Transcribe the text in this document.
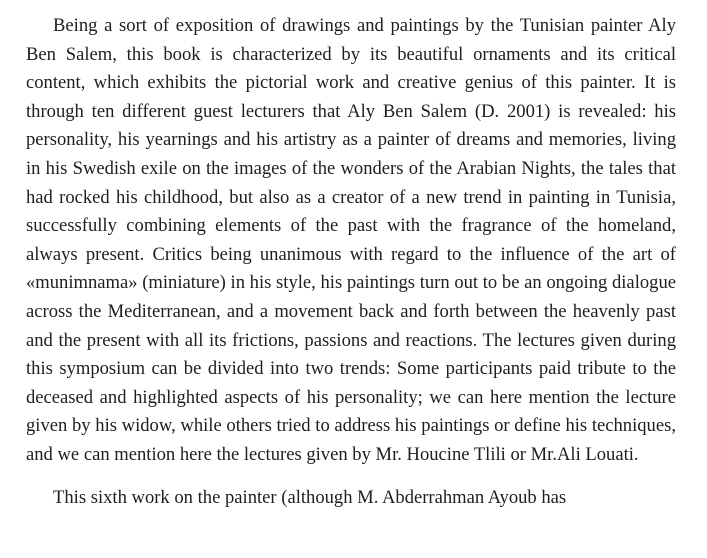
Being a sort of exposition of drawings and paintings by the Tunisian painter Aly Ben Salem, this book is characterized by its beautiful ornaments and its critical content, which exhibits the pictorial work and creative genius of this painter. It is through ten different guest lecturers that Aly Ben Salem (D. 2001) is revealed: his personality, his yearnings and his artistry as a painter of dreams and memories, living in his Swedish exile on the images of the wonders of the Arabian Nights, the tales that had rocked his childhood, but also as a creator of a new trend in painting in Tunisia, successfully combining elements of the past with the fragrance of the homeland, always present. Critics being unanimous with regard to the influence of the art of «munimnama» (miniature) in his style, his paintings turn out to be an ongoing dialogue across the Mediterranean, and a movement back and forth between the heavenly past and the present with all its frictions, passions and reactions. The lectures given during this symposium can be divided into two trends: Some participants paid tribute to the deceased and highlighted aspects of his personality; we can here mention the lecture given by his widow, while others tried to address his paintings or define his techniques, and we can mention here the lectures given by Mr. Houcine Tlili or Mr.Ali Louati.

This sixth work on the painter (although M. Abderrahman Ayoub has
